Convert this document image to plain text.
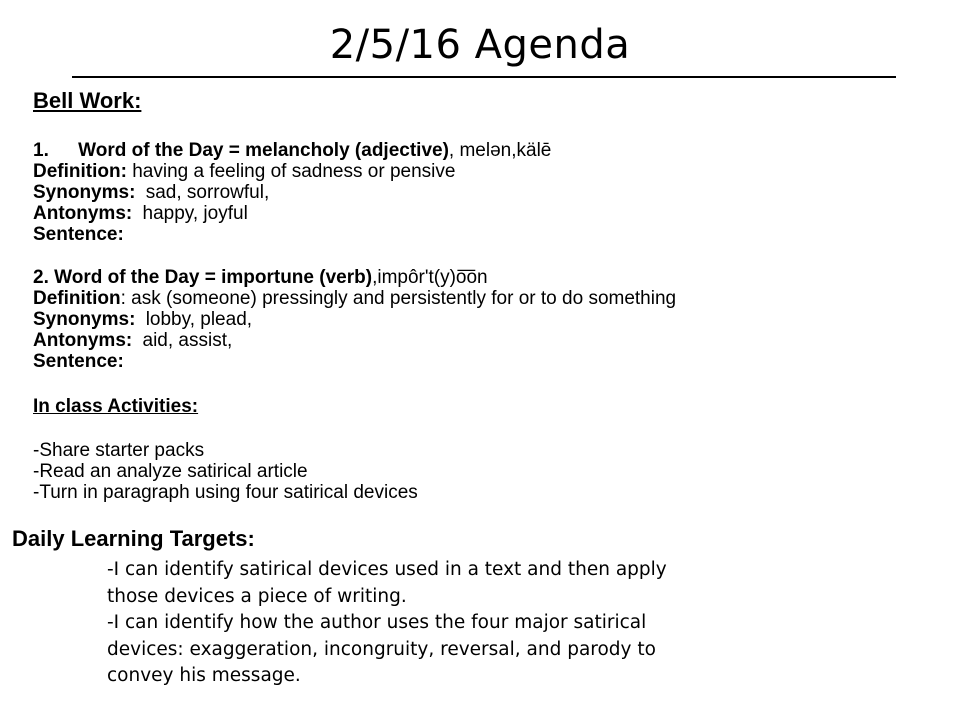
2/5/16 Agenda
Bell Work:
1. Word of the Day = melancholy (adjective), melən,kälē
Definition: having a feeling of sadness or pensive
Synonyms: sad, sorrowful,
Antonyms: happy, joyful
Sentence:
2. Word of the Day = importune (verb),impôr't(y)o͞on
Definition: ask (someone) pressingly and persistently for or to do something
Synonyms: lobby, plead,
Antonyms: aid, assist,
Sentence:
In class Activities:
-Share starter packs
-Read an analyze satirical article
-Turn in paragraph using four satirical devices
Daily Learning Targets:
-I can identify satirical devices used in a text and then apply
those devices a piece of writing.
-I can identify how the author uses the four major satirical
devices: exaggeration, incongruity, reversal, and parody to
convey his message.
